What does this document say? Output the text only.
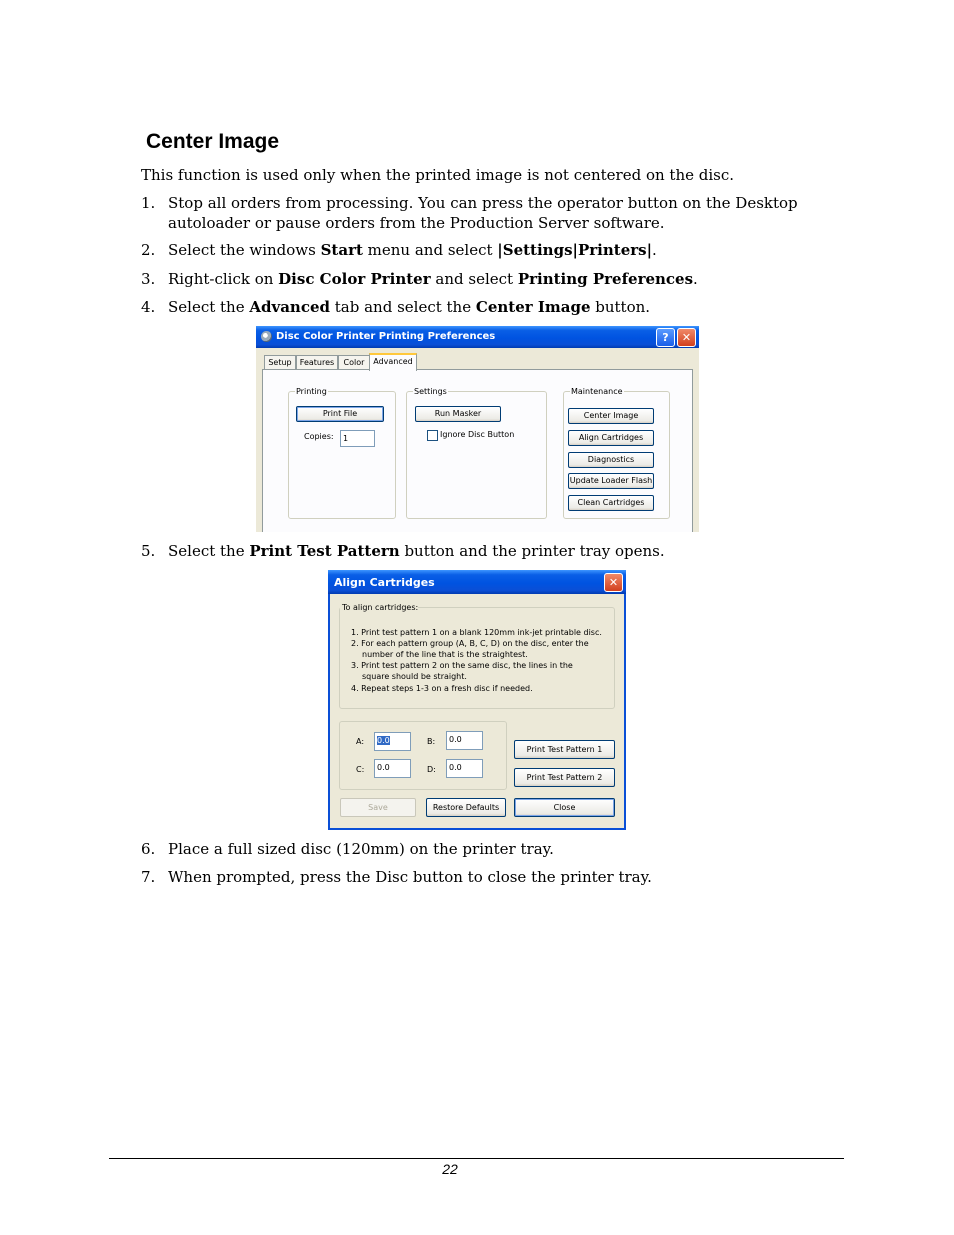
Center Image
This function is used only when the printed image is not centered on the disc.
1. Stop all orders from processing. You can press the operator button on the Desktop autoloader or pause orders from the Production Server software.
2. Select the windows Start menu and select |Settings|Printers|.
3. Right-click on Disc Color Printer and select Printing Preferences.
4. Select the Advanced tab and select the Center Image button.
Disc Color Printer Printing Preferences	?	✕
Setup	Features	Color	Advanced
Printing
Print File
Copies:	1
Settings
Run Masker
Ignore Disc Button
Maintenance
Center Image
Align Cartridges
Diagnostics
Update Loader Flash
Clean Cartridges
5. Select the Print Test Pattern button and the printer tray opens.
Align Cartridges	✕
To align cartridges:
1. Print test pattern 1 on a blank 120mm ink-jet printable disc.
2. For each pattern group (A, B, C, D) on the disc, enter the
number of the line that is the straightest.
3. Print test pattern 2 on the same disc, the lines in the
square should be straight.
4. Repeat steps 1-3 on a fresh disc if needed.
A:	0.0	B:	0.0
C:	0.0	D:	0.0
Print Test Pattern 1
Print Test Pattern 2
Save	Restore Defaults	Close
6. Place a full sized disc (120mm) on the printer tray.
7. When prompted, press the Disc button to close the printer tray.
22
